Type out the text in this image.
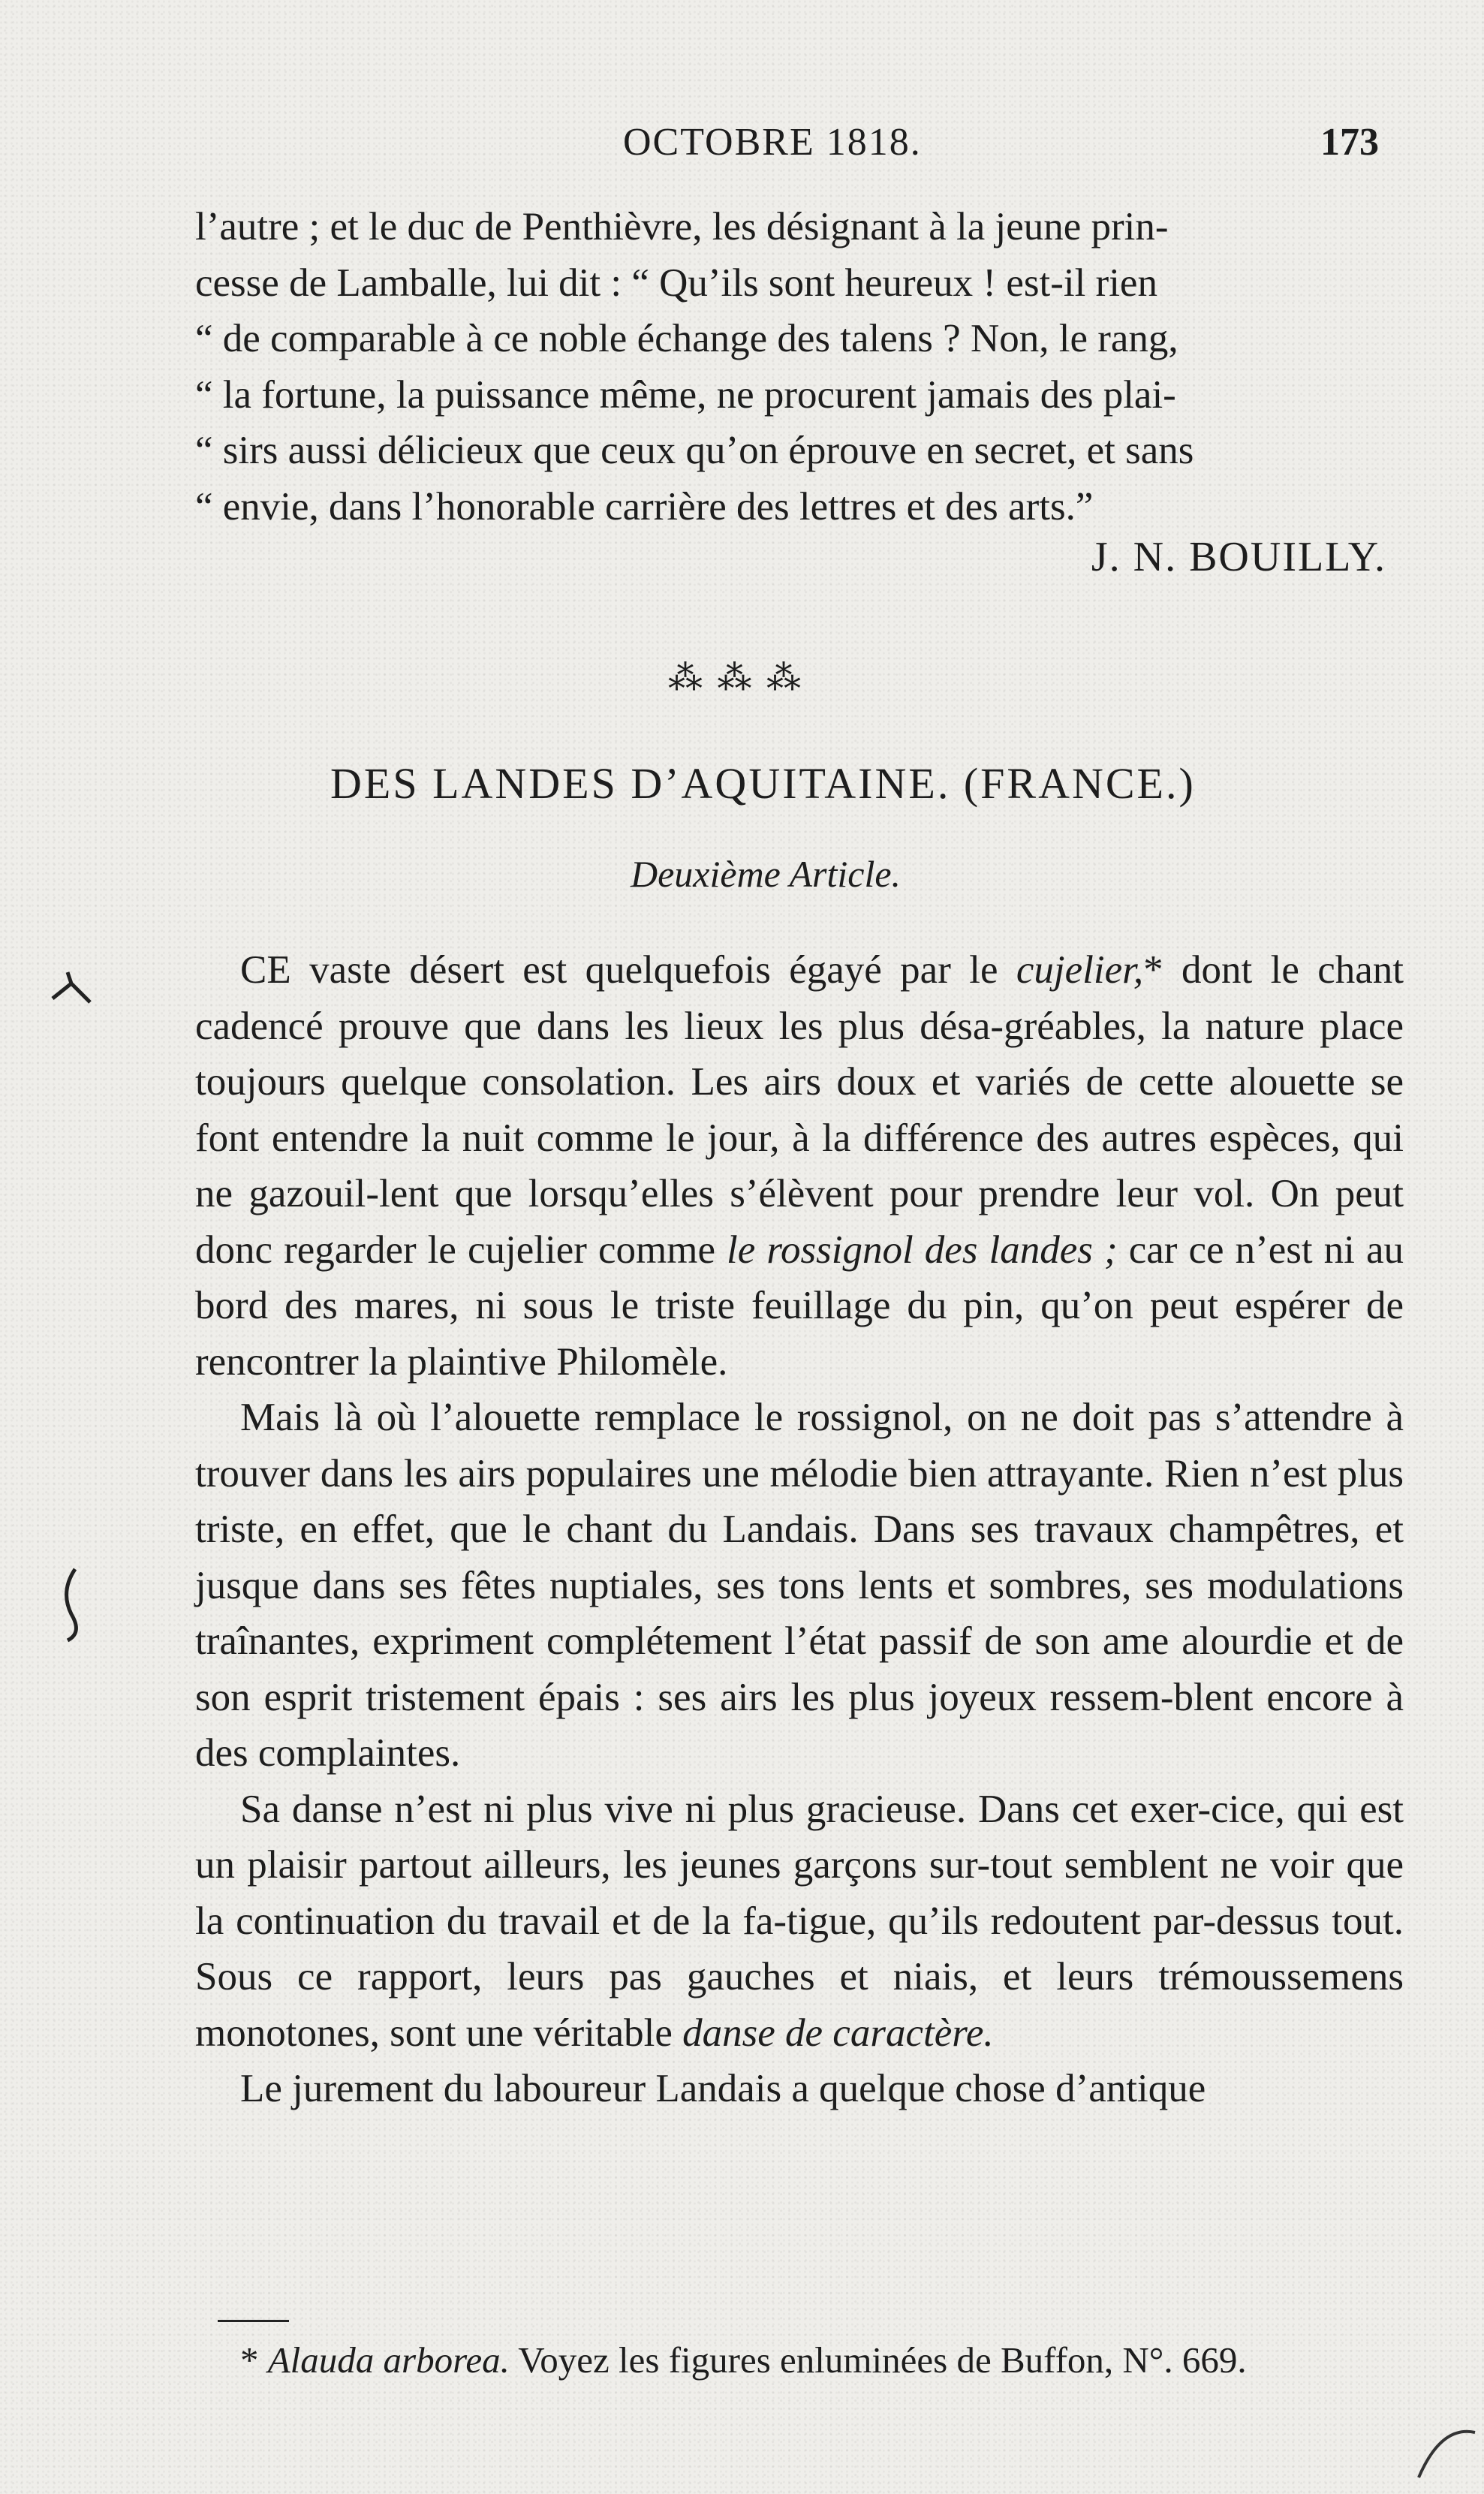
OCTOBRE 1818.	173

l’autre ; et le duc de Penthièvre, les désignant à la jeune prin-

cesse de Lamballe, lui dit : “ Qu’ils sont heureux ! est-il rien

“ de comparable à ce noble échange des talens ? Non, le rang,

“ la fortune, la puissance même, ne procurent jamais des plai-

“ sirs aussi délicieux que ceux qu’on éprouve en secret, et sans

“ envie, dans l’honorable carrière des lettres et des arts.”

J. N. BOUILLY.
⁂ ⁂ ⁂
DES LANDES D’AQUITAINE. (FRANCE.)
Deuxième Article.

CE vaste désert est quelquefois égayé par le cujelier,* dont le chant cadencé prouve que dans les lieux les plus désa-gréables, la nature place toujours quelque consolation. Les airs doux et variés de cette alouette se font entendre la nuit comme le jour, à la différence des autres espèces, qui ne gazouil-lent que lorsqu’elles s’élèvent pour prendre leur vol. On peut donc regarder le cujelier comme le rossignol des landes ; car ce n’est ni au bord des mares, ni sous le triste feuillage du pin, qu’on peut espérer de rencontrer la plaintive Philomèle.

Mais là où l’alouette remplace le rossignol, on ne doit pas s’attendre à trouver dans les airs populaires une mélodie bien attrayante. Rien n’est plus triste, en effet, que le chant du Landais. Dans ses travaux champêtres, et jusque dans ses fêtes nuptiales, ses tons lents et sombres, ses modulations traînantes, expriment complétement l’état passif de son ame alourdie et de son esprit tristement épais : ses airs les plus joyeux ressem-blent encore à des complaintes.

Sa danse n’est ni plus vive ni plus gracieuse. Dans cet exer-cice, qui est un plaisir partout ailleurs, les jeunes garçons sur-tout semblent ne voir que la continuation du travail et de la fa-tigue, qu’ils redoutent par-dessus tout. Sous ce rapport, leurs pas gauches et niais, et leurs trémoussemens monotones, sont une véritable danse de caractère.

Le jurement du laboureur Landais a quelque chose d’antique

* Alauda arborea. Voyez les figures enluminées de Buffon, N°. 669.
